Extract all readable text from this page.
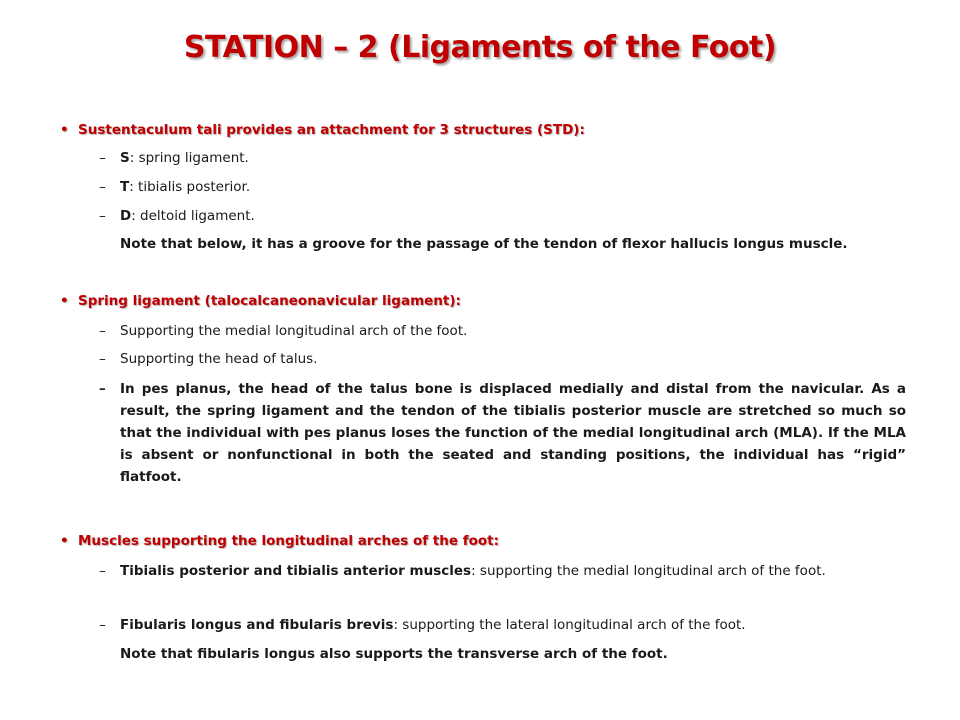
STATION – 2 (Ligaments of the Foot)
• Sustentaculum tali provides an attachment for 3 structures (STD):
– S: spring ligament.
– T: tibialis posterior.
– D: deltoid ligament.
Note that below, it has a groove for the passage of the tendon of flexor hallucis longus muscle.
• Spring ligament (talocalcaneonavicular ligament):
– Supporting the medial longitudinal arch of the foot.
– Supporting the head of talus.
– In pes planus, the head of the talus bone is displaced medially and distal from the navicular. As a result, the spring ligament and the tendon of the tibialis posterior muscle are stretched so much so that the individual with pes planus loses the function of the medial longitudinal arch (MLA). If the MLA is absent or nonfunctional in both the seated and standing positions, the individual has “rigid” flatfoot.
• Muscles supporting the longitudinal arches of the foot:
– Tibialis posterior and tibialis anterior muscles: supporting the medial longitudinal arch of the foot.
– Fibularis longus and fibularis brevis: supporting the lateral longitudinal arch of the foot.
Note that fibularis longus also supports the transverse arch of the foot.
